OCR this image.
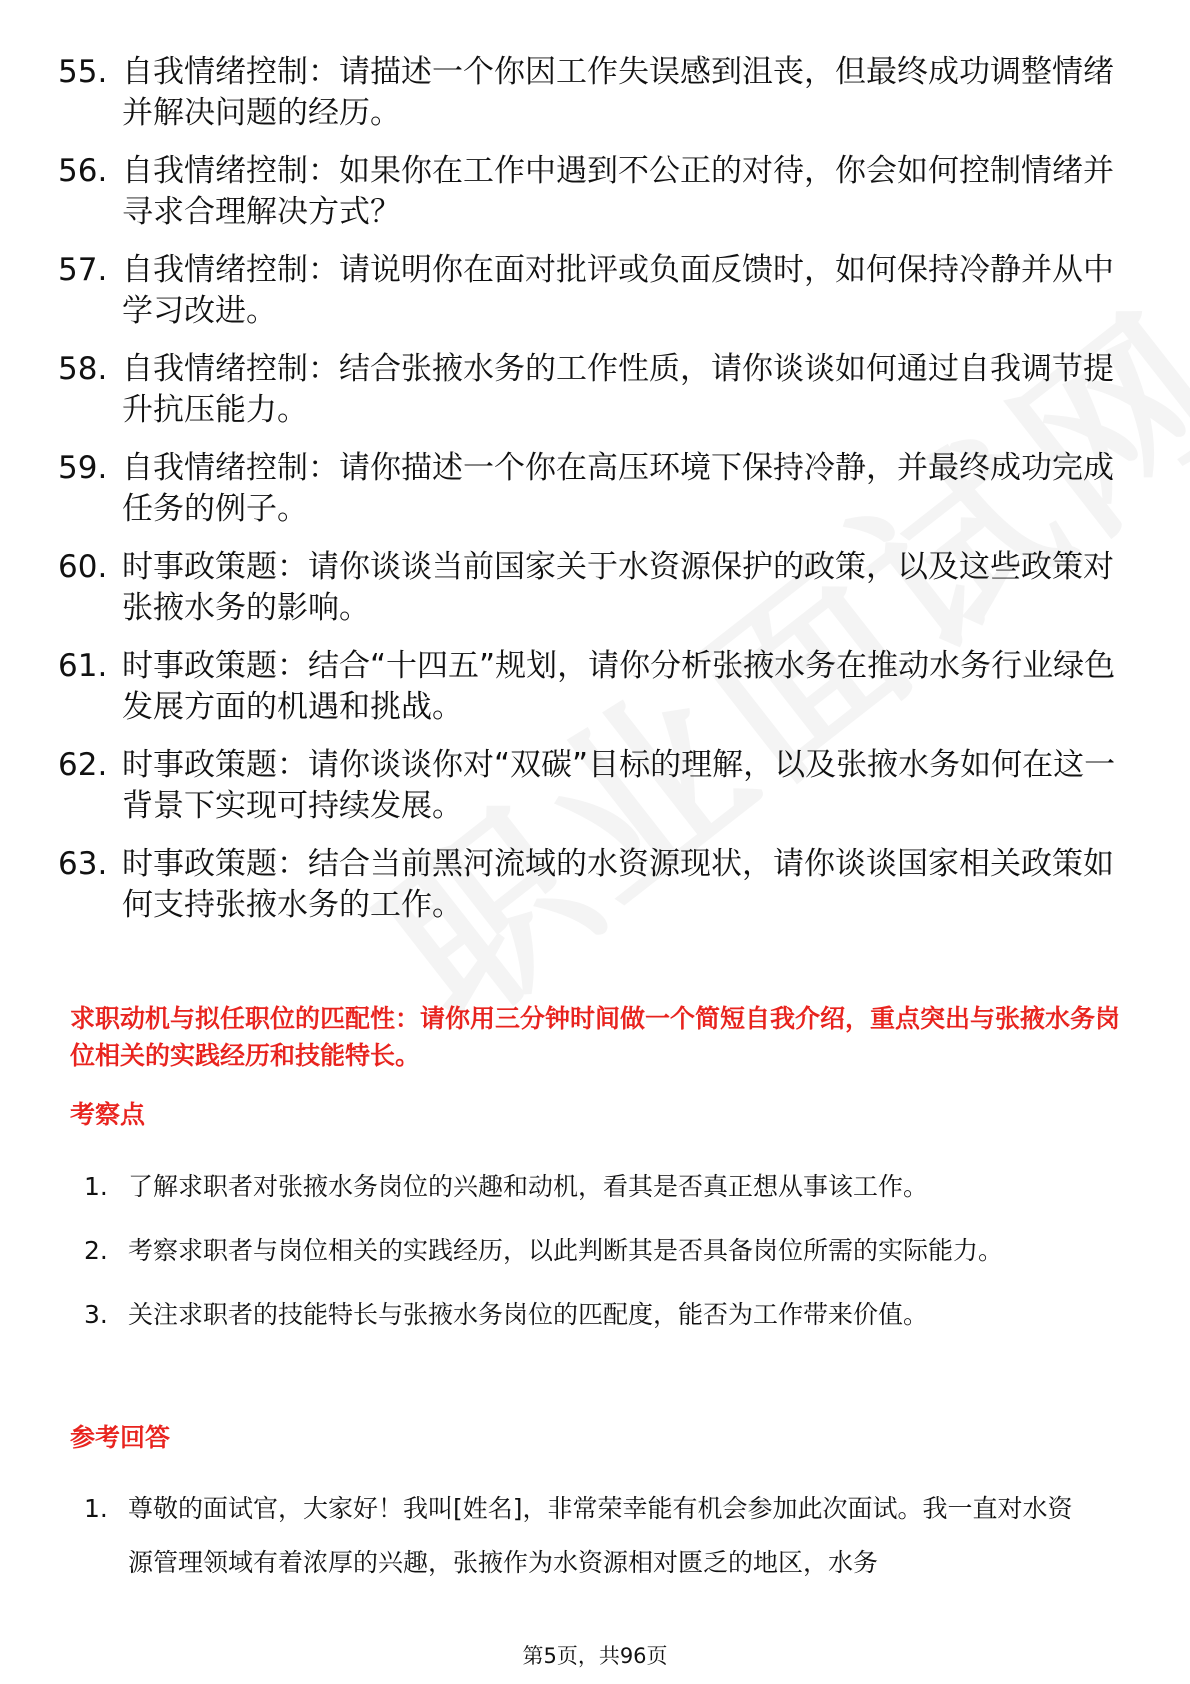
55. 自我情绪控制：请描述一个你因工作失误感到沮丧，但最终成功调整情绪并解决问题的经历。
56. 自我情绪控制：如果你在工作中遇到不公正的对待，你会如何控制情绪并寻求合理解决方式？
57. 自我情绪控制：请说明你在面对批评或负面反馈时，如何保持冷静并从中学习改进。
58. 自我情绪控制：结合张掖水务的工作性质，请你谈谈如何通过自我调节提升抗压能力。
59. 自我情绪控制：请你描述一个你在高压环境下保持冷静，并最终成功完成任务的例子。
60. 时事政策题：请你谈谈当前国家关于水资源保护的政策，以及这些政策对张掖水务的影响。
61. 时事政策题：结合“十四五”规划，请你分析张掖水务在推动水务行业绿色发展方面的机遇和挑战。
62. 时事政策题：请你谈谈你对“双碳”目标的理解，以及张掖水务如何在这一背景下实现可持续发展。
63. 时事政策题：结合当前黑河流域的水资源现状，请你谈谈国家相关政策如何支持张掖水务的工作。
求职动机与拟任职位的匹配性：请你用三分钟时间做一个简短自我介绍，重点突出与张掖水务岗位相关的实践经历和技能特长。
考察点
1. 了解求职者对张掖水务岗位的兴趣和动机，看其是否真正想从事该工作。
2. 考察求职者与岗位相关的实践经历，以此判断其是否具备岗位所需的实际能力。
3. 关注求职者的技能特长与张掖水务岗位的匹配度，能否为工作带来价值。
参考回答
1. 尊敬的面试官，大家好！我叫[姓名]，非常荣幸能有机会参加此次面试。我一直对水资源管理领域有着浓厚的兴趣，张掖作为水资源相对匮乏的地区，水务
第5页，共96页
